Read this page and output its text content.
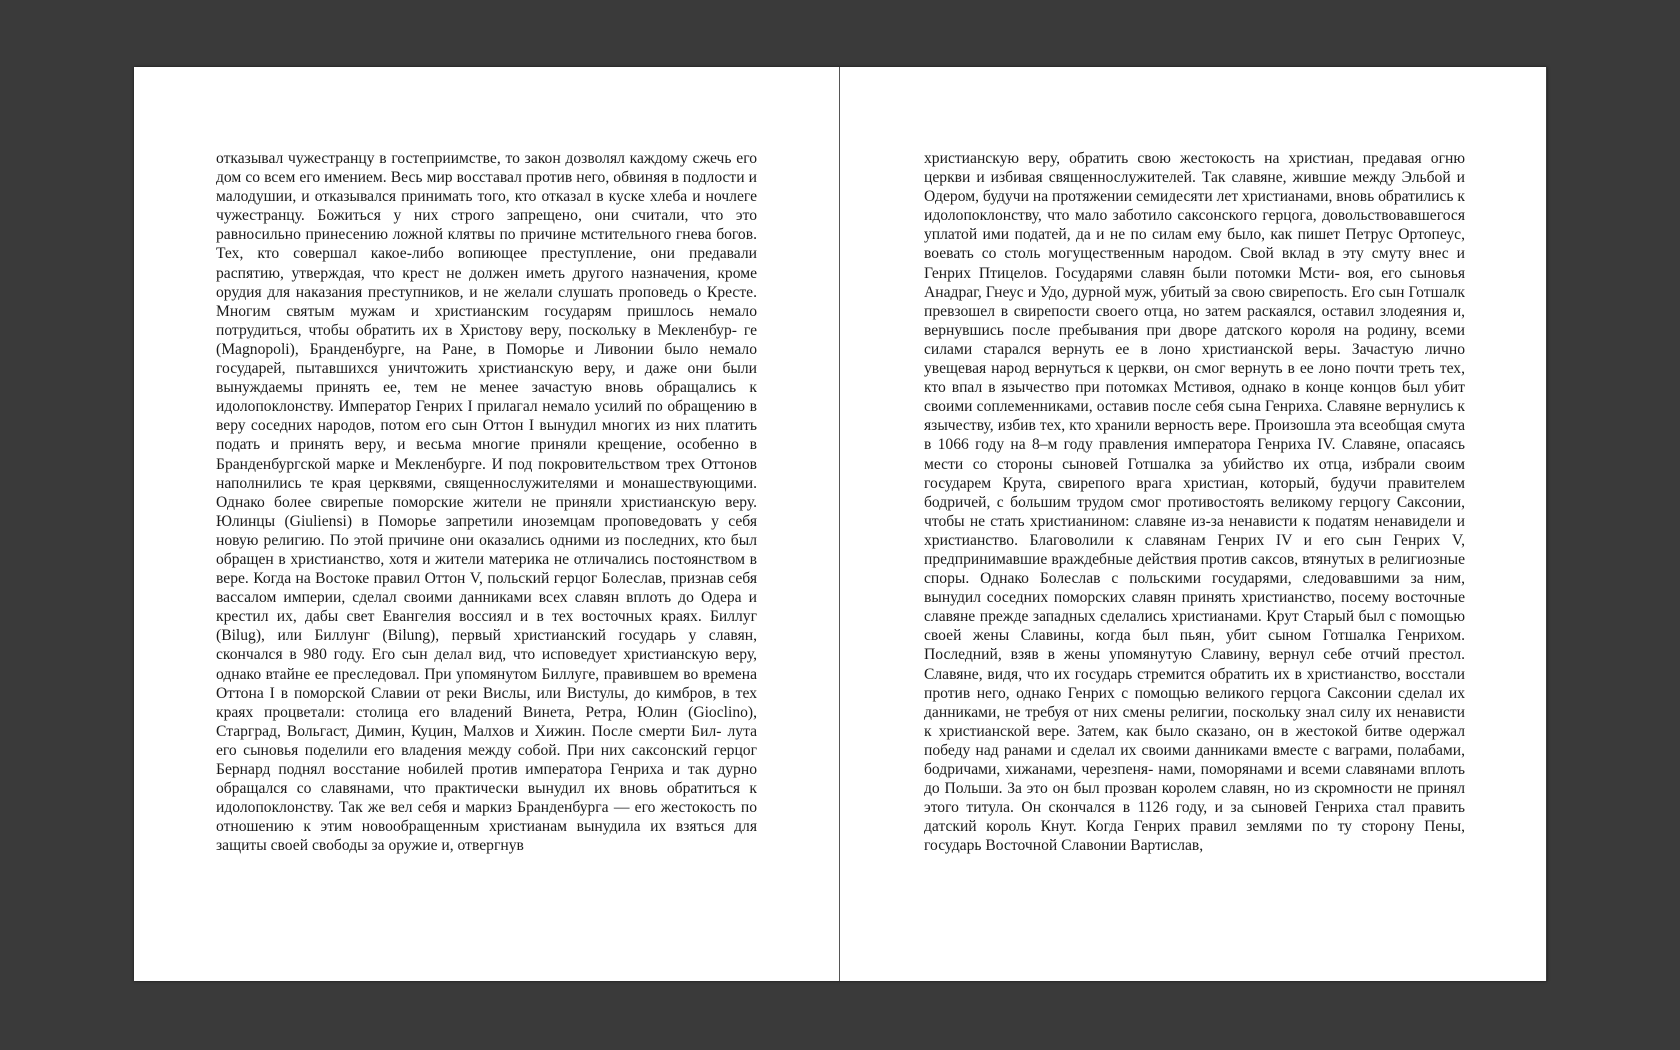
отказывал чужестранцу в гостеприимстве, то закон дозволял каждому сжечь его дом со всем его имением. Весь мир восставал против него, обвиняя в подлости и малодушии, и отказывался принимать того, кто отказал в куске хлеба и ночлеге чужестранцу. Божиться у них строго запрещено, они считали, что это равносильно принесению ложной клятвы по причине мстительного гнева богов. Тех, кто совершал какое-либо вопиющее преступление, они предавали распятию, утверждая, что крест не должен иметь другого назначения, кроме орудия для наказания преступников, и не желали слушать проповедь о Кресте. Многим святым мужам и христианским государям пришлось немало потрудиться, чтобы обратить их в Христову веру, поскольку в Мекленбур- ге (Magnopoli), Бранденбурге, на Ране, в Поморье и Ливонии было немало государей, пытавшихся уничтожить христианскую веру, и даже они были вынуждаемы принять ее, тем не менее зачастую вновь обращались к идолопоклонству. Император Генрих I прилагал немало усилий по обращению в веру соседних народов, потом его сын Оттон I вынудил многих из них платить подать и принять веру, и весьма многие приняли крещение, особенно в Бранденбургской марке и Мекленбурге. И под покровительством трех Оттонов наполнились те края церквями, священнослужителями и монашествующими. Однако более свирепые поморские жители не приняли христианскую веру. Юлинцы (Giuliensi) в Поморье запретили иноземцам проповедовать у себя новую религию. По этой причине они оказались одними из последних, кто был обращен в христианство, хотя и жители материка не отличались постоянством в вере. Когда на Востоке правил Оттон V, польский герцог Болеслав, признав себя вассалом империи, сделал своими данниками всех славян вплоть до Одера и крестил их, дабы свет Евангелия воссиял и в тех восточных краях. Биллуг (Bilug), или Биллунг (Bilung), первый христианский государь у славян, скончался в 980 году. Его сын делал вид, что исповедует христианскую веру, однако втайне ее преследовал. При упомянутом Биллуге, правившем во времена Оттона I в поморской Славии от реки Вислы, или Вистулы, до кимбров, в тех краях процветали: столица его владений Винета, Ретра, Юлин (Gioclino), Старград, Вольгаст, Димин, Куцин, Малхов и Хижин. После смерти Бил- лута его сыновья поделили его владения между собой. При них саксонский герцог Бернард поднял восстание нобилей против императора Генриха и так дурно обращался со славянами, что практически вынудил их вновь обратиться к идолопоклонству. Так же вел себя и маркиз Бранденбурга — его жестокость по отношению к этим новообращенным христианам вынудила их взяться для защиты своей свободы за оружие и, отвергнув

христианскую веру, обратить свою жестокость на христиан, предавая огню церкви и избивая священнослужителей. Так славяне, жившие между Эльбой и Одером, будучи на протяжении семидесяти лет христианами, вновь обратились к идолопоклонству, что мало заботило саксонского герцога, довольствовавшегося уплатой ими податей, да и не по силам ему было, как пишет Петрус Ортопеус, воевать со столь могущественным народом. Свой вклад в эту смуту внес и Генрих Птицелов. Государями славян были потомки Мсти- воя, его сыновья Анадраг, Гнеус и Удо, дурной муж, убитый за свою свирепость. Его сын Готшалк превзошел в свирепости своего отца, но затем раскаялся, оставил злодеяния и, вернувшись после пребывания при дворе датского короля на родину, всеми силами старался вернуть ее в лоно христианской веры. Зачастую лично увещевая народ вернуться к церкви, он смог вернуть в ее лоно почти треть тех, кто впал в язычество при потомках Мстивоя, однако в конце концов был убит своими соплеменниками, оставив после себя сына Генриха. Славяне вернулись к язычеству, избив тех, кто хранили верность вере. Произошла эта всеобщая смута в 1066 году на 8–м году правления императора Генриха IV. Славяне, опасаясь мести со стороны сыновей Готшалка за убийство их отца, избрали своим государем Крута, свирепого врага христиан, который, будучи правителем бодричей, с большим трудом смог противостоять великому герцогу Саксонии, чтобы не стать христианином: славяне из-за ненависти к податям ненавидели и христианство. Благоволили к славянам Генрих IV и его сын Генрих V, предпринимавшие враждебные действия против саксов, втянутых в религиозные споры. Однако Болеслав с польскими государями, следовавшими за ним, вынудил соседних поморских славян принять христианство, посему восточные славяне прежде западных сделались христианами. Крут Старый был с помощью своей жены Славины, когда был пьян, убит сыном Готшалка Генрихом. Последний, взяв в жены упомянутую Славину, вернул себе отчий престол. Славяне, видя, что их государь стремится обратить их в христианство, восстали против него, однако Генрих с помощью великого герцога Саксонии сделал их данниками, не требуя от них смены религии, поскольку знал силу их ненависти к христианской вере. Затем, как было сказано, он в жестокой битве одержал победу над ранами и сделал их своими данниками вместе с ваграми, полабами, бодричами, хижанами, черезпеня- нами, поморянами и всеми славянами вплоть до Польши. За это он был прозван королем славян, но из скромности не принял этого титула. Он скончался в 1126 году, и за сыновей Генриха стал править датский король Кнут. Когда Генрих правил землями по ту сторону Пены, государь Восточной Славонии Вартислав,
